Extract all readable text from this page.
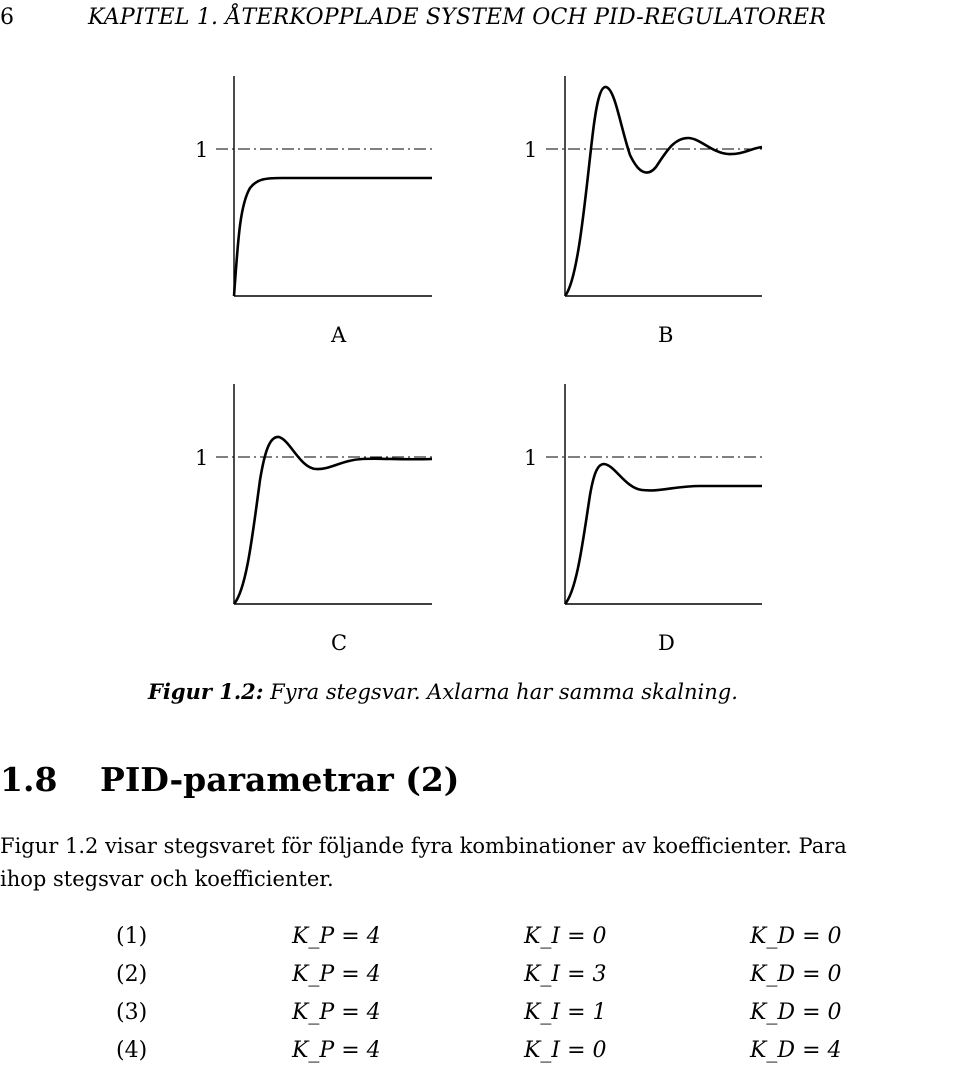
6	KAPITEL 1. ÅTERKOPPLADE SYSTEM OCH PID-REGULATORER
1
A
1
B
1
C
1
D
Figur 1.2: Fyra stegsvar. Axlarna har samma skalning.
1.8 PID-parametrar (2)
Figur 1.2 visar stegsvaret för följande fyra kombinationer av koefficienter. Para
ihop stegsvar och koefficienter.
(1)	K_P = 4	K_I = 0	K_D = 0
(2)	K_P = 4	K_I = 3	K_D = 0
(3)	K_P = 4	K_I = 1	K_D = 0
(4)	K_P = 4	K_I = 0	K_D = 4
